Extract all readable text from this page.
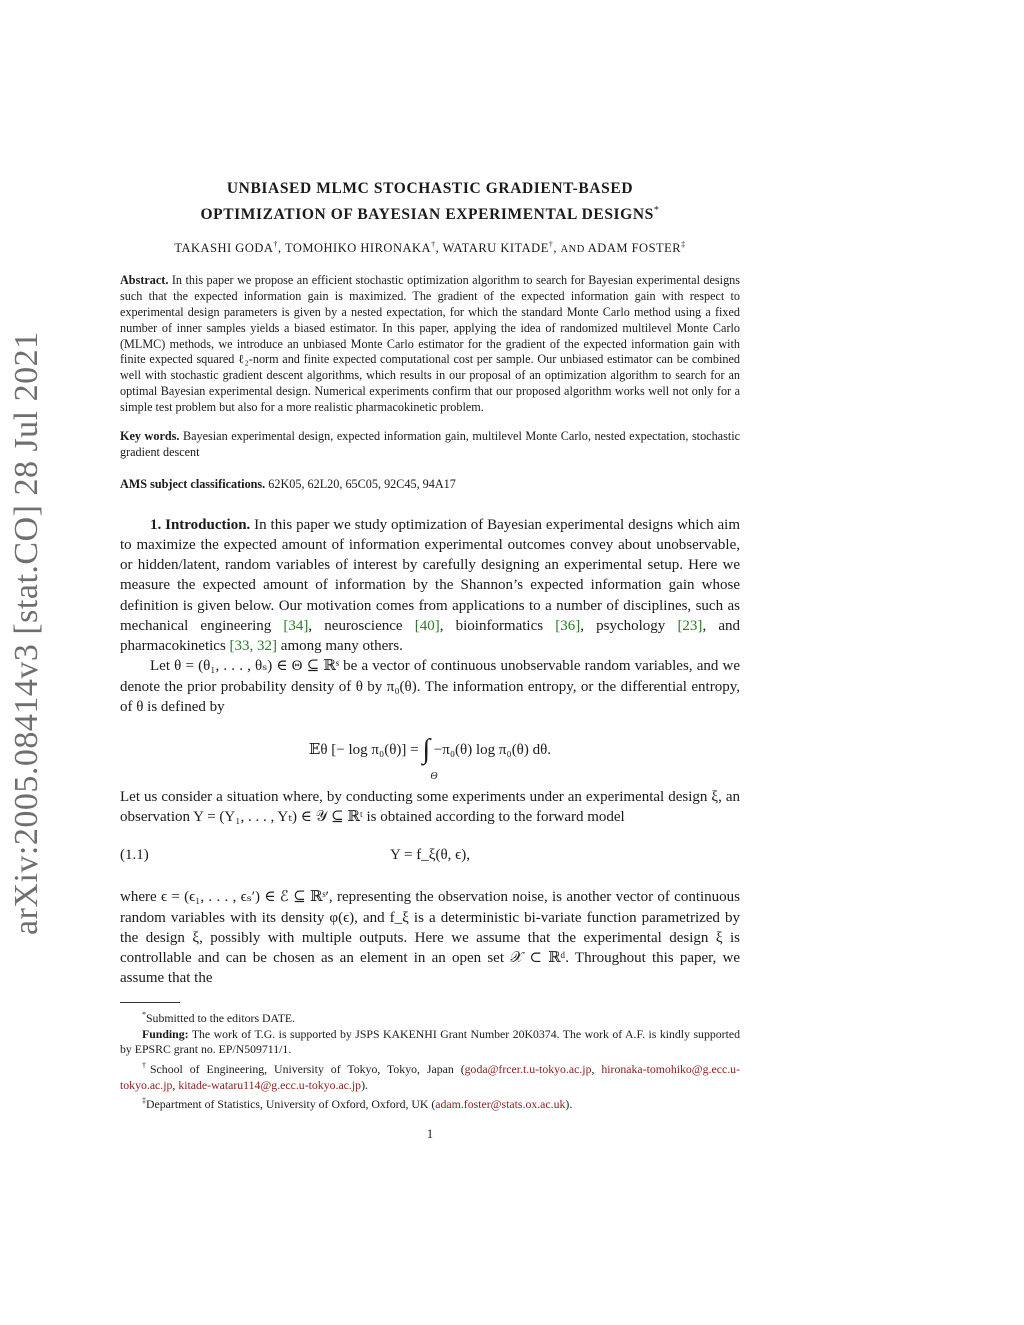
arXiv:2005.08414v3 [stat.CO] 28 Jul 2021
UNBIASED MLMC STOCHASTIC GRADIENT-BASED
OPTIMIZATION OF BAYESIAN EXPERIMENTAL DESIGNS*
TAKASHI GODA†, TOMOHIKO HIRONAKA†, WATARU KITADE†, AND ADAM FOSTER‡
Abstract. In this paper we propose an efficient stochastic optimization algorithm to search for Bayesian experimental designs such that the expected information gain is maximized. The gradient of the expected information gain with respect to experimental design parameters is given by a nested expectation, for which the standard Monte Carlo method using a fixed number of inner samples yields a biased estimator. In this paper, applying the idea of randomized multilevel Monte Carlo (MLMC) methods, we introduce an unbiased Monte Carlo estimator for the gradient of the expected information gain with finite expected squared ℓ₂-norm and finite expected computational cost per sample. Our unbiased estimator can be combined well with stochastic gradient descent algorithms, which results in our proposal of an optimization algorithm to search for an optimal Bayesian experimental design. Numerical experiments confirm that our proposed algorithm works well not only for a simple test problem but also for a more realistic pharmacokinetic problem.
Key words. Bayesian experimental design, expected information gain, multilevel Monte Carlo, nested expectation, stochastic gradient descent
AMS subject classifications. 62K05, 62L20, 65C05, 92C45, 94A17

1. Introduction. In this paper we study optimization of Bayesian experimental designs which aim to maximize the expected amount of information experimental outcomes convey about unobservable, or hidden/latent, random variables of interest by carefully designing an experimental setup. Here we measure the expected amount of information by the Shannon’s expected information gain whose definition is given below. Our motivation comes from applications to a number of disciplines, such as mechanical engineering [34], neuroscience [40], bioinformatics [36], psychology [23], and pharmacokinetics [33, 32] among many others.

Let θ = (θ₁, . . . , θₛ) ∈ Θ ⊆ ℝˢ be a vector of continuous unobservable random variables, and we denote the prior probability density of θ by π₀(θ). The information entropy, or the differential entropy, of θ is defined by

𝔼θ [− log π₀(θ)] = ∫
Θ
−π₀(θ) log π₀(θ) dθ.

Let us consider a situation where, by conducting some experiments under an experimental design ξ, an observation Y = (Y₁, . . . , Yₜ) ∈ 𝒴 ⊆ ℝᵗ is obtained according to the forward model

(1.1)	Y = f_ξ(θ, ϵ),

where ϵ = (ϵ₁, . . . , ϵₛ′) ∈ ℰ ⊆ ℝˢ′, representing the observation noise, is another vector of continuous random variables with its density φ(ϵ), and f_ξ is a deterministic bi-variate function parametrized by the design ξ, possibly with multiple outputs. Here we assume that the experimental design ξ is controllable and can be chosen as an element in an open set 𝒳 ⊂ ℝᵈ. Throughout this paper, we assume that the

*Submitted to the editors DATE.

Funding: The work of T.G. is supported by JSPS KAKENHI Grant Number 20K0374. The work of A.F. is kindly supported by EPSRC grant no. EP/N509711/1.

†School of Engineering, University of Tokyo, Tokyo, Japan (goda@frcer.t.u-tokyo.ac.jp, hironaka-tomohiko@g.ecc.u-tokyo.ac.jp, kitade-wataru114@g.ecc.u-tokyo.ac.jp).

‡Department of Statistics, University of Oxford, Oxford, UK (adam.foster@stats.ox.ac.uk).

1
